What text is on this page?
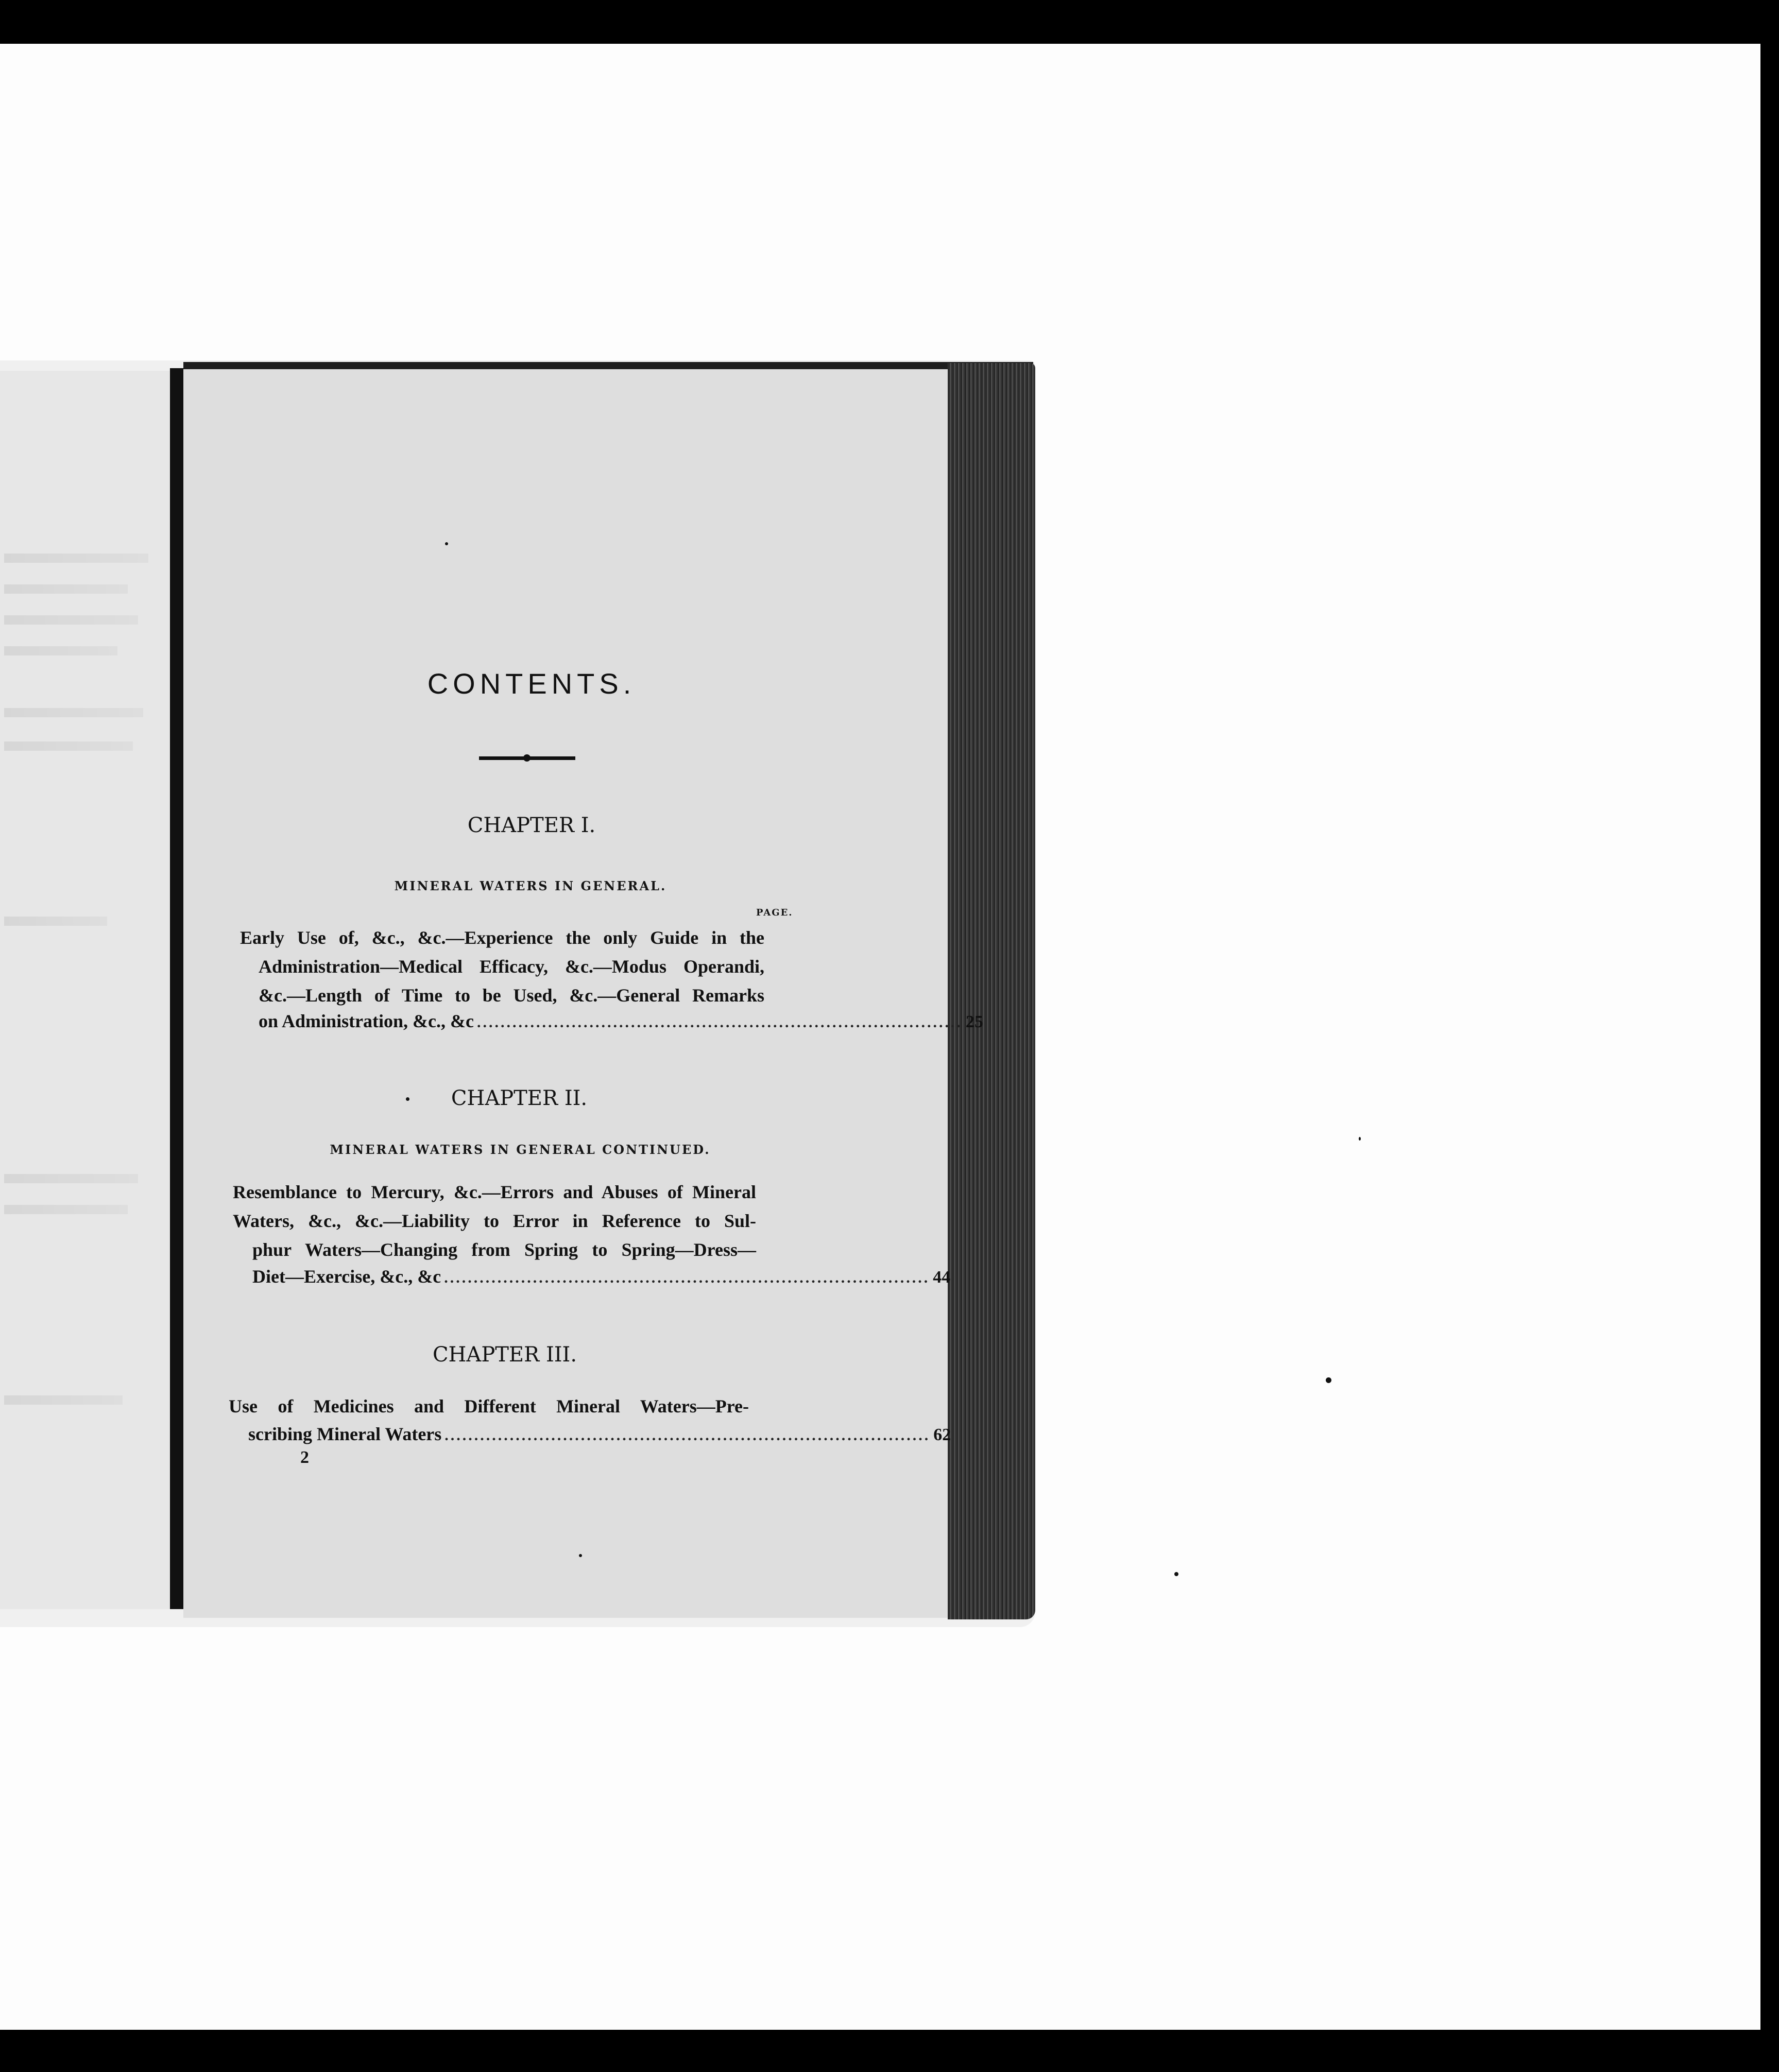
CONTENTS.
CHAPTER I.
MINERAL WATERS IN GENERAL.
PAGE.
Early Use of, &c., &c.—Experience the only Guide in the
Administration—Medical Efficacy, &c.—Modus Operandi,
&c.—Length of Time to be Used, &c.—General Remarks
on Administration, &c., &c .................................................................................. 25
CHAPTER II.
MINERAL WATERS IN GENERAL CONTINUED.
Resemblance to Mercury, &c.—Errors and Abuses of Mineral
Waters, &c., &c.—Liability to Error in Reference to Sul-
phur Waters—Changing from Spring to Spring—Dress—
Diet—Exercise, &c., &c .................................................................................. 44
CHAPTER III.
Use of Medicines and Different Mineral Waters—Pre-
scribing Mineral Waters .................................................................................. 62
2
